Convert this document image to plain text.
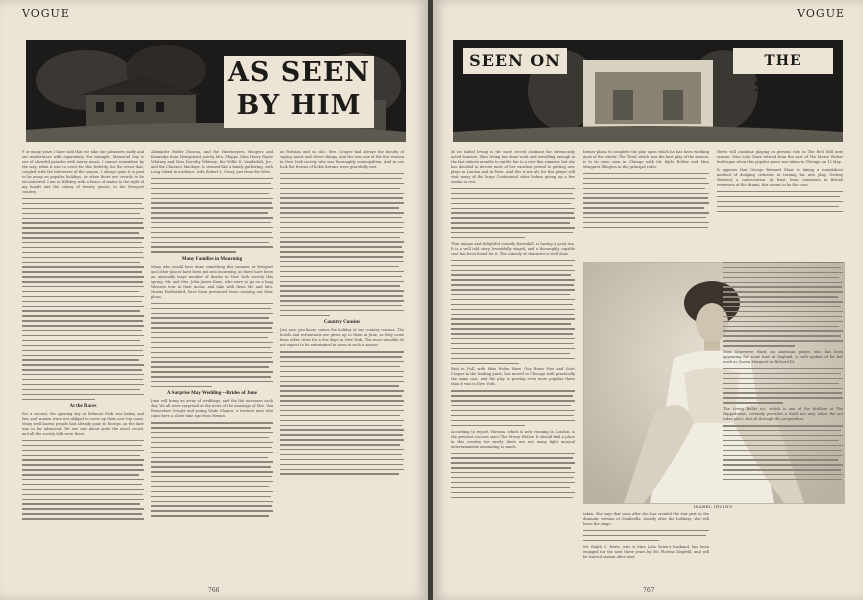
VOGUE
AS SEEN
BY HIM

F or many years I have said that we take our pleasures sadly and our misfortunes with equanimity. For example, Memorial Day is one of cheerful parades with merry music. I cannot remember, by the way, when it was to cover for this festivity, for the event that, coupled with the bitterness of the season, I always quite it is past to be away on popular holidays, or when there are crowds to be encountered. I am at Hillsboy with a brace of mates to the right of my hands and the colony of twenty guests, in the Newport country.

At the Races

For a second, the opening day at Belmont Park was balmy and fair, and women were not obliged to cover up their new top coats. Many well known people had already gone to Europe, as the date was so far advanced. Yet one saw about quite the usual crowd, and all the society folk were there.

Alexander Butler Duncan, and the Havemeyers, Hoopers and Kennedys from Hempstead; pretty Mrs. Phipps, Miss Harry Payne Whitney and Miss Dorothy Whitney; the Willie K. Vanderbilt, Jrs., and the Clarence Mackays. It seemed like a family gathering, with Long Island in evidence, with Robert L. Gerry, just from the West.

Many Families in Mourning

Many who would have done something this summer at Newport and other places have been put into mourning, as there have been an unusually large number of deaths in New York society this spring. Mr. and Mrs. John James Kane, who were to go on a long Western tour in their motor, and take with them Mr. and Mrs. Morris Rutherfurd, have been prevented from carrying out their plans.

A Surprise May Wedding—Brides of June

June will bring an array of weddings, and the list increases each day. We all were surprised at the news of the marriage of Mrs. Van Rensselaer Cruger and young Wade Chance, a western man who came here a short time ago from Mexico.

as Parisian and so chic. Mrs. Cruger had always the faculty of saying smart and clever things, and she was one of the few women in New York society who was thoroughly cosmopolitan. And in one look the frowns of fickle fortune were gracefully met.

Country Cousins

Just now, you know, comes the holiday of our country cousins. The hotels and restaurants are given up to them in June, as they come from other cities for a few days in New York. The most sensible do not expect to be entertained in town at such a season.

766
VOGUE
SEEN ON	THE STAGE

M iss Isabel Irving is the most recent claimant for strenuously acted honours. Miss Irving has done work and travelling enough in the last sixteen months to entitle her to a rest this summer, but she has decided to devote most of her vacation period to getting new plays in London and in Paris. And this is not all, for this player will visit many of the large Continental cities before giving up a few weeks to rest.

That unique and delightful comedy Ravenhill, is having a good run. It is a well told story, beautifully staged, and a thoroughly capable cast has been found for it. The comedy of character is well done.

Paid in Full, with Miss Helen Ware, Guy Bates Post and Scott Cooper in the leading parts, has moved to Chicago with practically the same cast, and the play is proving even more popular there than it was in New York.

According to report, Havana, which is now running in London, is the greatest success since The Merry Widow. It should find a place in this country for surely there are not many light musical entertainments amounting to much.

former plans to complete the play upon which he has been working most of the winter. The Thief, which was the best play of the season, is to be seen soon in Chicago with Mr. Kyrle Bellew and Miss Margaret Illington in the principal roles.

ISABEL IRVING

taken. She says that soon after she has created the star part in the dramatic version of Cinderella, shortly after the holidays, she will leave the stage.

Mr. Ralph C. Hertz, who is Miss Lola Gaten's husband, has been engaged for the next three years by Mr. Florenz Ziegfeld, and will be starred season after next.

Hertz will continue playing in present role in The Red Mill next season. Miss Lola Glaze retired from the cast of The Merry Widow burlesque when this popular piece was taken to Chicago on 12 May.

It appears that George Bernard Shaw is taking a roundabout method of dodging criticism in turning his new play, Getting Married, a conversation. At least, from comments in British reviewers of the drama, this seems to be the case.

Miss Genevieve Ward, an American player, who has been appearing for some time in England, is well spoken of for her work as Queen Margaret in Richard III.

The Living Bullet act, which is one of the thrillers at The Hippodrome, certainly provides a thrill not only when the act takes place, but all through the preparation.

767
